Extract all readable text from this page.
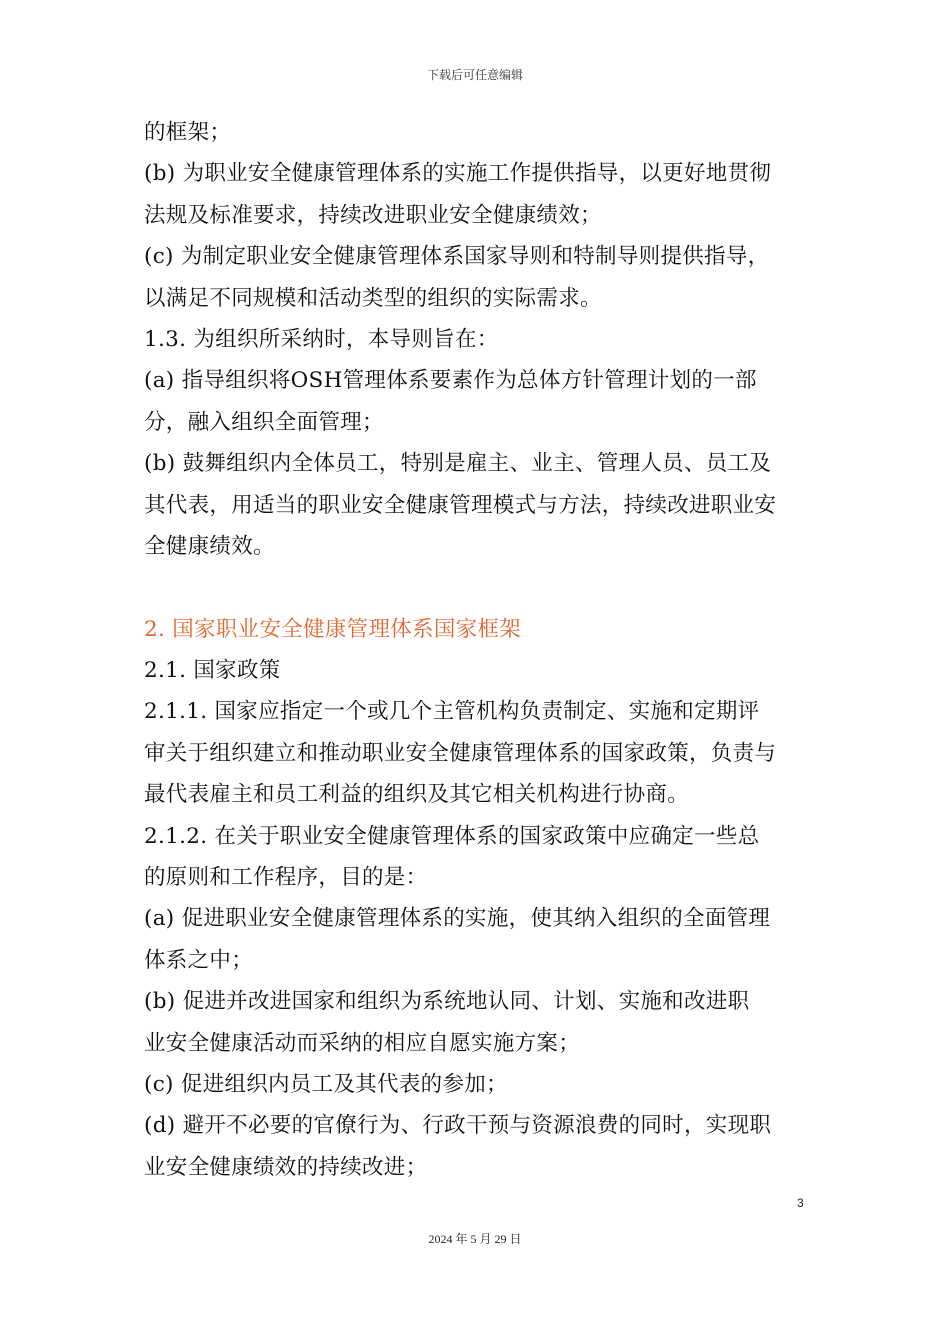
下载后可任意编辑
的框架；
(b) 为职业安全健康管理体系的实施工作提供指导，以更好地贯彻
法规及标准要求，持续改进职业安全健康绩效；
(c) 为制定职业安全健康管理体系国家导则和特制导则提供指导，
以满足不同规模和活动类型的组织的实际需求。
1.3. 为组织所采纳时，本导则旨在：
(a) 指导组织将OSH管理体系要素作为总体方针管理计划的一部
分，融入组织全面管理；
(b) 鼓舞组织内全体员工，特别是雇主、业主、管理人员、员工及
其代表，用适当的职业安全健康管理模式与方法，持续改进职业安
全健康绩效。
2. 国家职业安全健康管理体系国家框架
2.1. 国家政策
2.1.1. 国家应指定一个或几个主管机构负责制定、实施和定期评
审关于组织建立和推动职业安全健康管理体系的国家政策，负责与
最代表雇主和员工利益的组织及其它相关机构进行协商。
2.1.2. 在关于职业安全健康管理体系的国家政策中应确定一些总
的原则和工作程序，目的是：
(a) 促进职业安全健康管理体系的实施，使其纳入组织的全面管理
体系之中；
(b) 促进并改进国家和组织为系统地认同、计划、实施和改进职
业安全健康活动而采纳的相应自愿实施方案；
(c) 促进组织内员工及其代表的参加；
(d) 避开不必要的官僚行为、行政干预与资源浪费的同时，实现职
业安全健康绩效的持续改进；
3
2024 年 5 月 29 日
